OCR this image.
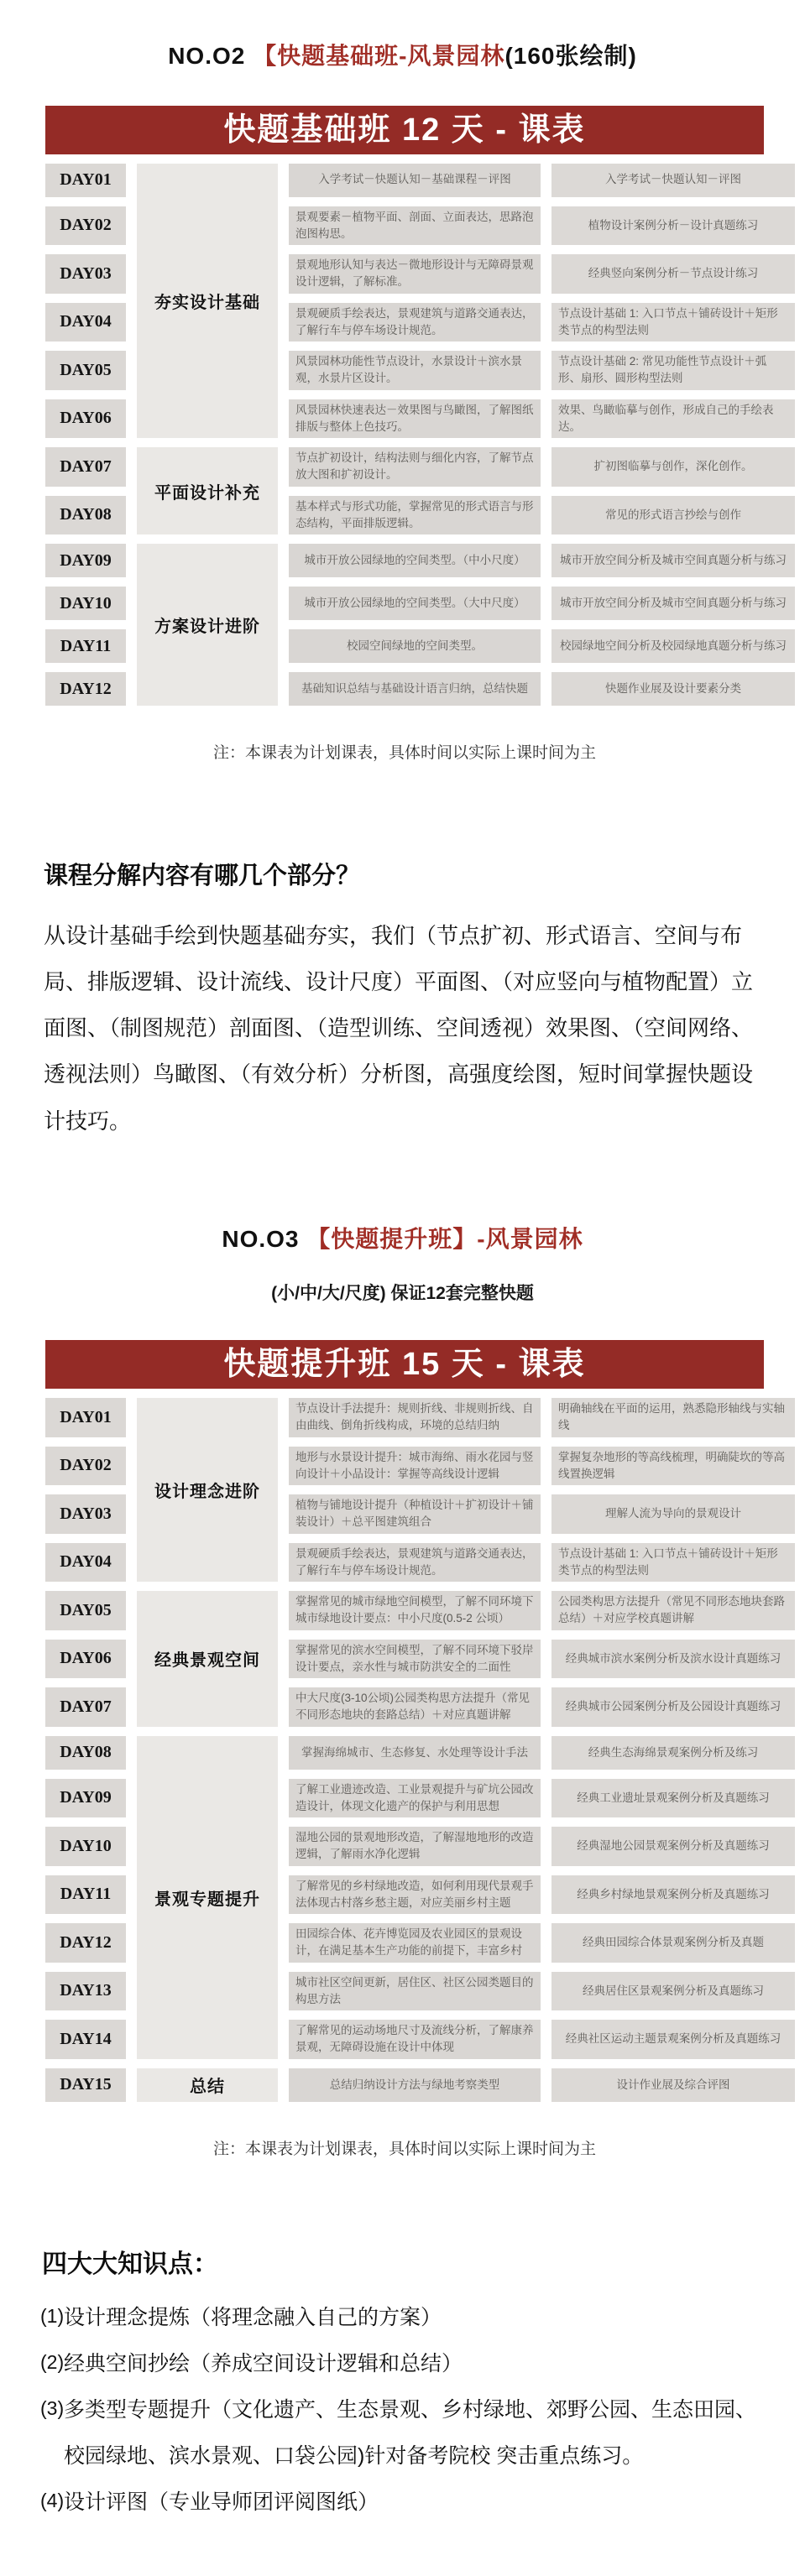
NO.O2 【快题基础班-风景园林(160张绘制)
快题基础班 12 天 - 课表
DAY01	夯实设计基础	入学考试－快题认知－基础课程－评图	入学考试－快题认知－评图
DAY02		景观要素－植物平面、剖面、立面表达，思路泡泡图构思。	植物设计案例分析－设计真题练习
DAY03		景观地形认知与表达－微地形设计与无障碍景观设计逻辑，了解标准。	经典竖向案例分析－节点设计练习
DAY04		景观硬质手绘表达，景观建筑与道路交通表达，了解行车与停车场设计规范。	节点设计基础 1: 入口节点＋铺砖设计＋矩形类节点的构型法则
DAY05		风景园林功能性节点设计，水景设计＋滨水景观，水景片区设计。	节点设计基础 2: 常见功能性节点设计＋弧形、扇形、圆形构型法则
DAY06		风景园林快速表达－效果图与鸟瞰图，了解图纸排版与整体上色技巧。	效果、鸟瞰临摹与创作，形成自己的手绘表达。
DAY07	平面设计补充	节点扩初设计，结构法则与细化内容，了解节点放大图和扩初设计。	扩初图临摹与创作，深化创作。
DAY08		基本样式与形式功能，掌握常见的形式语言与形态结构，平面排版逻辑。	常见的形式语言抄绘与创作
DAY09	方案设计进阶	城市开放公园绿地的空间类型。（中小尺度）	城市开放空间分析及城市空间真题分析与练习
DAY10		城市开放公园绿地的空间类型。（大中尺度）	城市开放空间分析及城市空间真题分析与练习
DAY11		校园空间绿地的空间类型。	校园绿地空间分析及校园绿地真题分析与练习
DAY12		基础知识总结与基础设计语言归纳，总结快题	快题作业展及设计要素分类
注：本课表为计划课表，具体时间以实际上课时间为主
课程分解内容有哪几个部分？

从设计基础手绘到快题基础夯实，我们（节点扩初、形式语言、空间与布局、排版逻辑、设计流线、设计尺度）平面图、（对应竖向与植物配置）立面图、（制图规范）剖面图、（造型训练、空间透视）效果图、（空间网络、透视法则）鸟瞰图、（有效分析）分析图，高强度绘图，短时间掌握快题设计技巧。

NO.O3 【快题提升班】-风景园林
(小/中/大/尺度) 保证12套完整快题
快题提升班 15 天 - 课表
DAY01	设计理念进阶	节点设计手法提升：规则折线、非规则折线、自由曲线、倒角折线构成，环境的总结归纳	明确轴线在平面的运用，熟悉隐形轴线与实轴线
DAY02		地形与水景设计提升：城市海绵、雨水花园与竖向设计＋小品设计：掌握等高线设计逻辑	掌握复杂地形的等高线梳理，明确陡坎的等高线置换逻辑
DAY03		植物与铺地设计提升（种植设计＋扩初设计＋铺装设计）＋总平图建筑组合	理解人流为导向的景观设计
DAY04		景观硬质手绘表达，景观建筑与道路交通表达，了解行车与停车场设计规范。	节点设计基础 1: 入口节点＋铺砖设计＋矩形类节点的构型法则
DAY05	经典景观空间	掌握常见的城市绿地空间模型，了解不同环境下城市绿地设计要点：中小尺度(0.5-2 公顷）	公园类构思方法提升（常见不同形态地块套路总结）＋对应学校真题讲解
DAY06		掌握常见的滨水空间模型，了解不同环境下驳岸设计要点，亲水性与城市防洪安全的二面性	经典城市滨水案例分析及滨水设计真题练习
DAY07		中大尺度(3-10公顷)公园类构思方法提升（常见不同形态地块的套路总结）＋对应真题讲解	经典城市公园案例分析及公园设计真题练习
DAY08	景观专题提升	掌握海绵城市、生态修复、水处理等设计手法	经典生态海绵景观案例分析及练习
DAY09		了解工业遗迹改造、工业景观提升与矿坑公园改造设计，体现文化遗产的保护与利用思想	经典工业遗址景观案例分析及真题练习
DAY10		湿地公园的景观地形改造，了解湿地地形的改造逻辑，了解雨水净化逻辑	经典湿地公园景观案例分析及真题练习
DAY11		了解常见的乡村绿地改造，如何利用现代景观手法体现古村落乡愁主题，对应美丽乡村主题	经典乡村绿地景观案例分析及真题练习
DAY12		田园综合体、花卉博览园及农业园区的景观设计，在满足基本生产功能的前提下，丰富乡村	经典田园综合体景观案例分析及真题
DAY13		城市社区空间更新，居住区、社区公园类题目的构思方法	经典居住区景观案例分析及真题练习
DAY14		了解常见的运动场地尺寸及流线分析，了解康养景观，无障碍设施在设计中体现	经典社区运动主题景观案例分析及真题练习
DAY15	总结	总结归纳设计方法与绿地考察类型	设计作业展及综合评图
注：本课表为计划课表，具体时间以实际上课时间为主
四大大知识点：
(1) 设计理念提炼（将理念融入自己的方案）
(2) 经典空间抄绘（养成空间设计逻辑和总结）
(3) 多类型专题提升（文化遗产、生态景观、乡村绿地、郊野公园、生态田园、校园绿地、滨水景观、口袋公园)针对备考院校 突击重点练习。
(4) 设计评图（专业导师团评阅图纸）
